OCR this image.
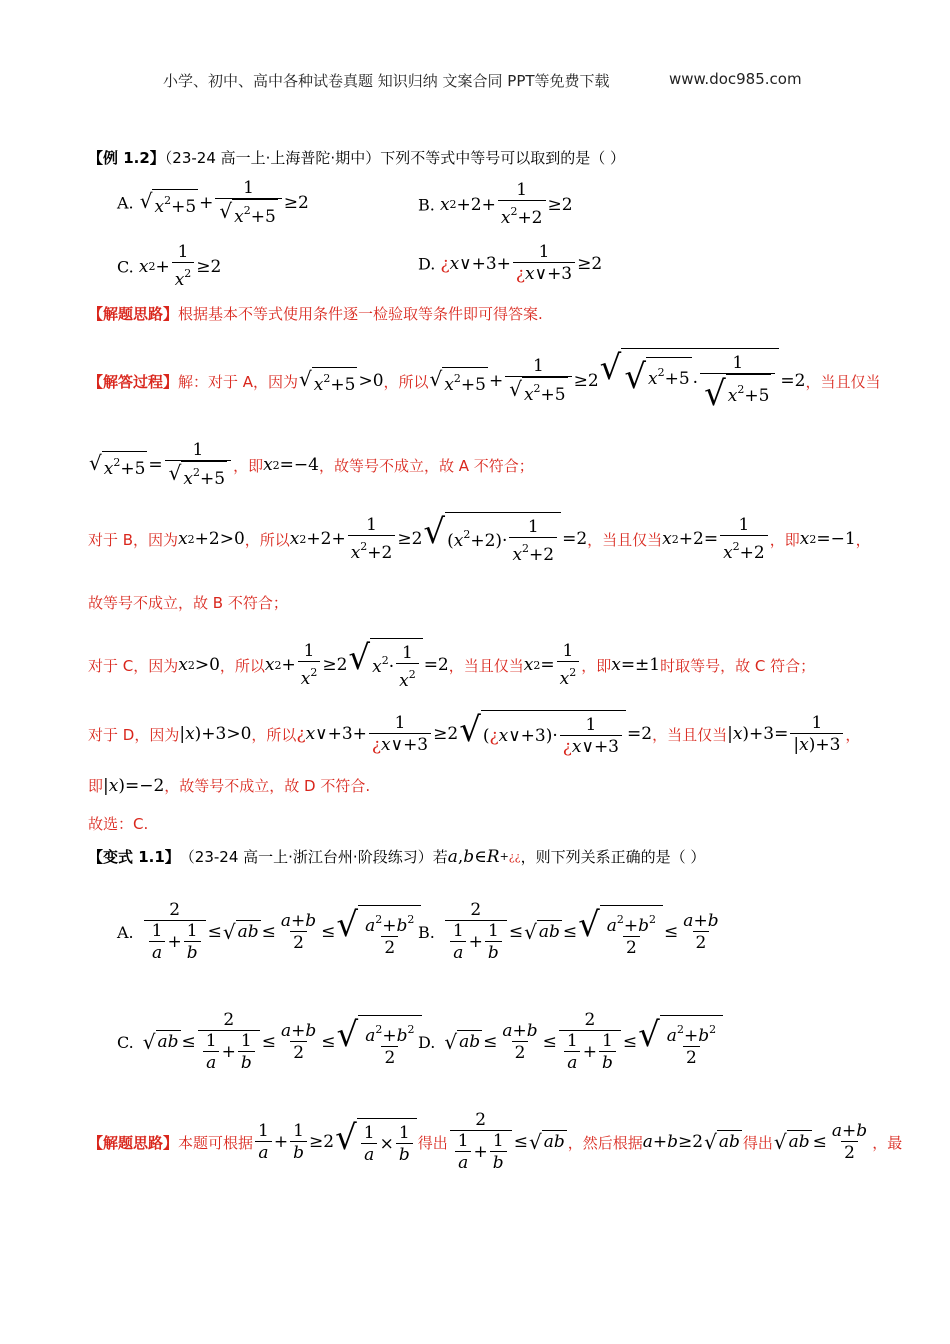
小学、初中、高中各种试卷真题 知识归纳 文案合同 PPT等免费下载	www.doc985.com
【例 1.2】（23-24 高一上·上海普陀·期中）下列不等式中等号可以取到的是（ ）
A. √ $x^2+5 + \frac{1}{√ x^2+5} \ge 2$	B. x $2 +2+ \frac{1}{x^2+2} \ge 2$
C. x $2 + \frac{1}{x^2} \ge 2$	D. ¿ x ∨+3+ $\frac{1}{¿x\vee+3} \ge 2$
【解题思路】根据基本不等式使用条件逐一检验取等条件即可得答案.
【解答过程】 解：对于 A，因为 √ $x^2+5 >0$ ，所以 √ $x^2+5 + \frac{1}{√ x^2+5} \ge 2$ √ √ $x^2+5 \cdot \frac{1}{√ x^2+5} =2$ ，当且仅当
√ $x^2+5 = \frac{1}{√ x^2+5}$ ，即 x 2 =−4 ，故等号不成立，故 A 不符合；
对于 B，因为 x 2 +2>0 ，所以 x $2 +2+ \frac{1}{x^2+2} \ge 2$ √ $(x^2+2)\cdot \frac{1}{x^2+2} =2$ ，当且仅当 x $2 +2= \frac{1}{x^2+2}$ ，即 x 2 =−1 ，
故等号不成立，故 B 不符合；
对于 C，因为 x 2 >0 ，所以 x $2 + \frac{1}{x^2} \ge 2$ √ $x^2\cdot \frac{1}{x^2} =2$ ，当且仅当 x $2 = \frac{1}{x^2}$ ，即 x =±1 时取等号，故 C 符合；
对于 D，因为 | x )+3>0 ，所以 ¿ x ∨+3+ $\frac{1}{¿x\vee+3} \ge 2$ √ (¿x∨+3)· $\frac{1}{¿x\vee+3} =2$ ，当且仅当 | x )$+3= \frac{1}{|x)+3}$ ，
即 | x )=−2 ，故等号不成立，故 D 不符合.
故选：C.
【变式 1.1】 （23-24 高一上·浙江台州·阶段练习） 若 a , b ∈ R +¿¿ ，则下列关系正确的是（ ）
A. $\frac{2}{\frac{1}{a} + \frac{1}{b}}$ ≤ √ ab ≤ $\frac{a+b}{2}$ ≤ √ $\frac{a^2+b^2}{2} B$. $\frac{2}{\frac{1}{a} + \frac{1}{b}}$ ≤ √ ab ≤ √ $\frac{a^2+b^2}{2} \le \frac{a+b}{2}$
C. √ ab ≤ $\frac{2}{\frac{1}{a} + \frac{1}{b}} \le \frac{a+b}{2}$ ≤ √ $\frac{a^2+b^2}{2} D$. √ ab ≤ $\frac{a+b}{2} \le \frac{2}{\frac{1}{a} + \frac{1}{b}}$ ≤ √ $\frac{a^2+b^2}{2}$
【解题思路】 本题可根据 $\frac{1}{a} + \frac{1}{b} \ge 2$ √ $\frac{1}{a} \times \frac{1}{b}$ 得出 $\frac{2}{\frac{1}{a} + \frac{1}{b}}$ ≤ √ ab ，然后根据 a + b ≥2 √ ab 得出 √ ab ≤ $\frac{a+b}{2}$ ，最
